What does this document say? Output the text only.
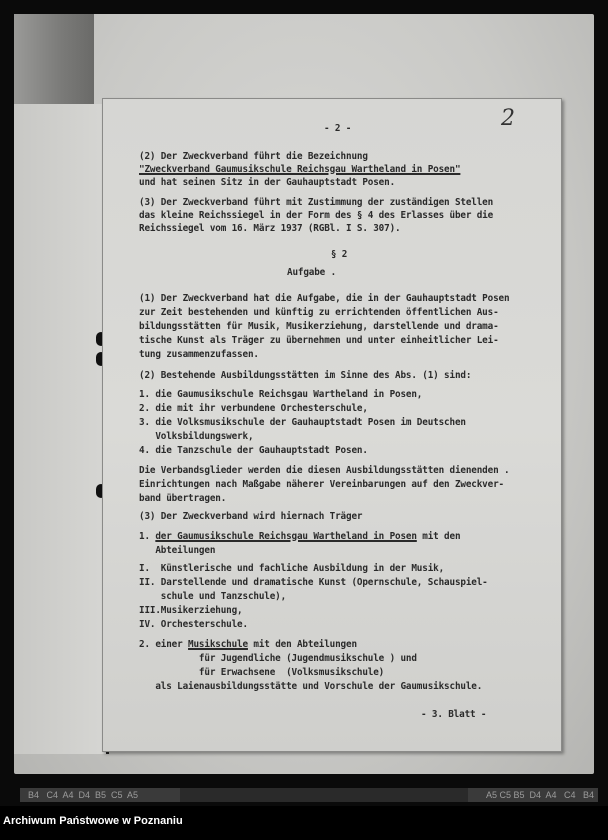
- 2 -	2
(2) Der Zweckverband führt die Bezeichnung
"Zweckverband Gaumusikschule Reichsgau Wartheland in Posen"
und hat seinen Sitz in der Gauhauptstadt Posen.
(3) Der Zweckverband führt mit Zustimmung der zuständigen Stellen
das kleine Reichssiegel in der Form des § 4 des Erlasses über die
Reichssiegel vom 16. März 1937 (RGBl. I S. 307).
§ 2
Aufgabe .
(1) Der Zweckverband hat die Aufgabe, die in der Gauhauptstadt Posen
zur Zeit bestehenden und künftig zu errichtenden öffentlichen Aus-
bildungsstätten für Musik, Musikerziehung, darstellende und drama-
tische Kunst als Träger zu übernehmen und unter einheitlicher Lei-
tung zusammenzufassen.
(2) Bestehende Ausbildungsstätten im Sinne des Abs. (1) sind:
1. die Gaumusikschule Reichsgau Wartheland in Posen,
2. die mit ihr verbundene Orchesterschule,
3. die Volksmusikschule der Gauhauptstadt Posen im Deutschen
Volksbildungswerk,
4. die Tanzschule der Gauhauptstadt Posen.
Die Verbandsglieder werden die diesen Ausbildungsstätten dienenden .
Einrichtungen nach Maßgabe näherer Vereinbarungen auf den Zweckver-
band übertragen.
(3) Der Zweckverband wird hiernach Träger
1. der Gaumusikschule Reichsgau Wartheland in Posen mit den
Abteilungen
I.  Künstlerische und fachliche Ausbildung in der Musik,
II. Darstellende und dramatische Kunst (Opernschule, Schauspiel-
schule und Tanzschule),
III.Musikerziehung,
IV. Orchesterschule.
2. einer Musikschule mit den Abteilungen
für Jugendliche (Jugendmusikschule ) und
für Erwachsene  (Volksmusikschule)
als Laienausbildungsstätte und Vorschule der Gaumusikschule.
- 3. Blatt -
B4   C4  A4  D4  B5  C5  A5	A5 C5 B5  D4  A4   C4   B4
Archiwum Państwowe w Poznaniu
